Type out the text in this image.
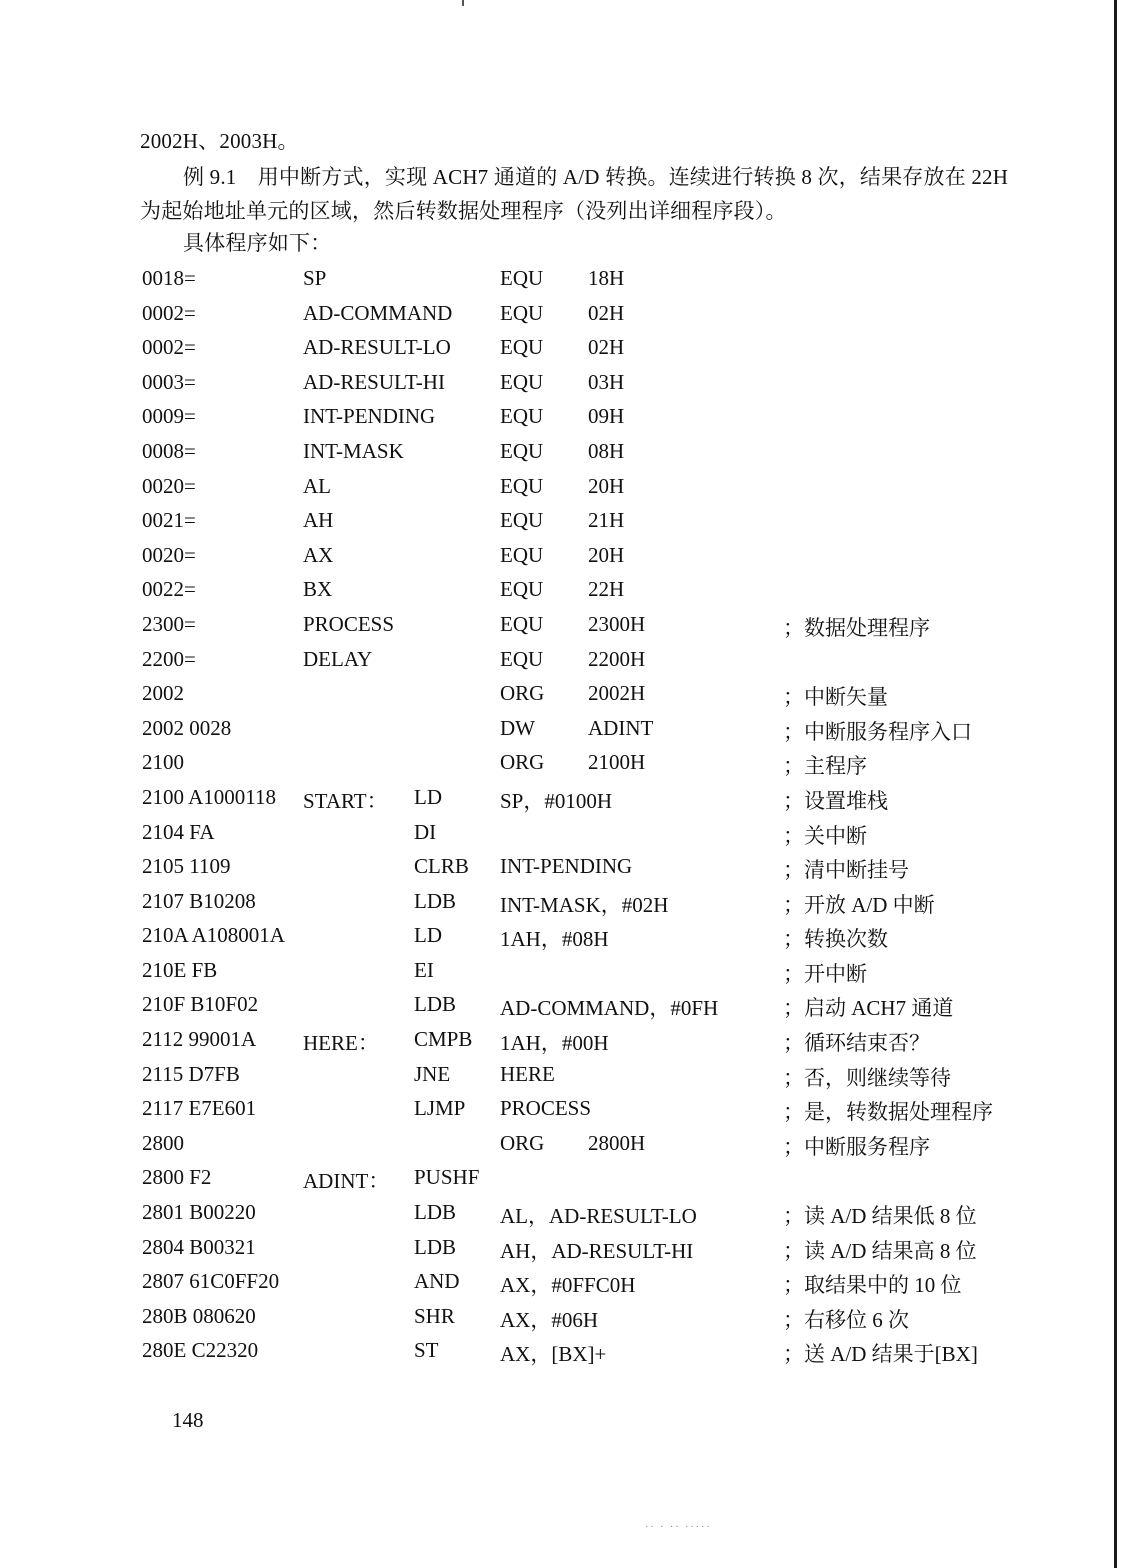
2002H、2003H。
例 9.1　用中断方式，实现 ACH7 通道的 A/D 转换。连续进行转换 8 次，结果存放在 22H
为起始地址单元的区域，然后转数据处理程序（没列出详细程序段）。
具体程序如下：
0018=	SP	EQU 18H
0002=	AD-COMMAND EQU 02H
0002=	AD-RESULT-LO EQU 02H
0003=	AD-RESULT-HI	EQU 03H
0009=	INT-PENDING	EQU 09H
0008=	INT-MASK	EQU 08H
0020=	AL	EQU 20H
0021=	AH	EQU 21H
0020=	AX	EQU 20H
0022=	BX	EQU 22H
2300=	PROCESS	EQU 2300H	；数据处理程序
2200=	DELAY	EQU 2200H
2002	ORG 2002H	；中断矢量
2002 0028	DW	ADINT	；中断服务程序入口
2100	ORG 2100H	；主程序
2100 A1000118 START： LD	SP，#0100H	；设置堆栈
2104 FA	DI	；关中断
2105 1109	CLRB INT-PENDING	；清中断挂号
2107 B10208	LDB INT-MASK，#02H	；开放 A/D 中断
210A A108001A	LD	1AH，#08H	；转换次数
210E FB	EI	；开中断
210F B10F02	LDB AD-COMMAND，#0FH	；启动 ACH7 通道
2112 99001A HERE： CMPB 1AH，#00H	；循环结束否？
2115 D7FB	JNE HERE	；否，则继续等待
2117 E7E601	LJMP PROCESS	；是，转数据处理程序
2800	ORG 2800H	；中断服务程序
2800 F2	ADINT： PUSHF
2801 B00220	LDB AL，AD-RESULT-LO	；读 A/D 结果低 8 位
2804 B00321	LDB AH，AD-RESULT-HI	；读 A/D 结果高 8 位
2807 61C0FF20	AND AX，#0FFC0H	；取结果中的 10 位
280B 080620	SHR AX，#06H	；右移位 6 次
280E C22320	ST	AX，[BX]+	；送 A/D 结果于[BX]
148
·· · ·· ·····
